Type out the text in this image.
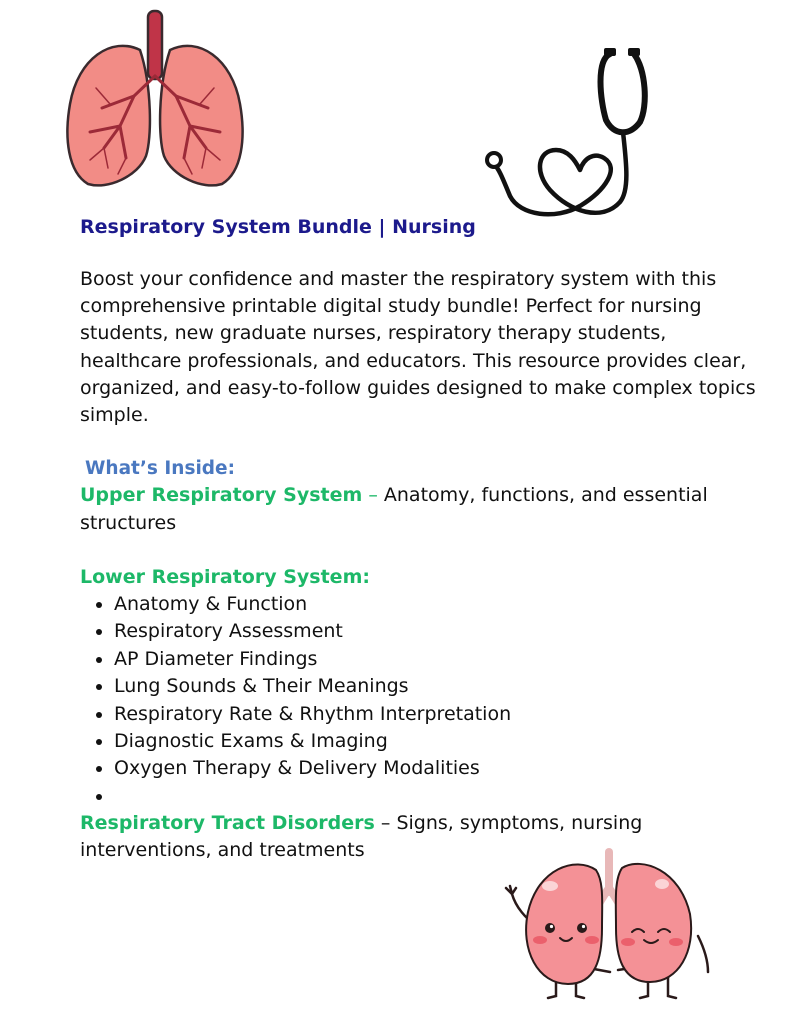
Respiratory System Bundle | Nursing

Boost your confidence and master the respiratory system with this comprehensive printable digital study bundle! Perfect for nursing students, new graduate nurses, respiratory therapy students, healthcare professionals, and educators. This resource provides clear, organized, and easy-to-follow guides designed to make complex topics simple.

What’s Inside:

Upper Respiratory System – Anatomy, functions, and essential structures

Lower Respiratory System:

• Anatomy & Function
• Respiratory Assessment
• AP Diameter Findings
• Lung Sounds & Their Meanings
• Respiratory Rate & Rhythm Interpretation
• Diagnostic Exams & Imaging
• Oxygen Therapy & Delivery Modalities
•

Respiratory Tract Disorders – Signs, symptoms, nursing interventions, and treatments
